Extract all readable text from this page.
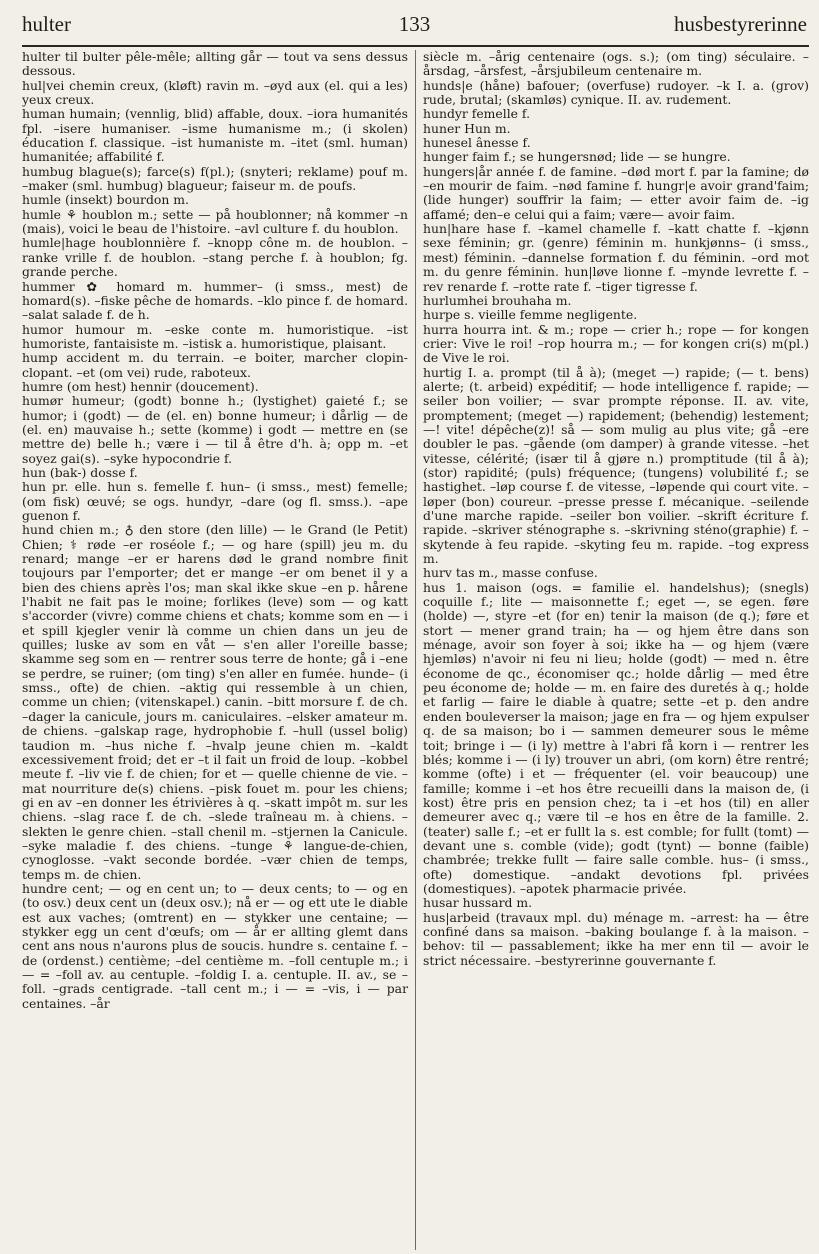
hulter	133	husbestyrerinne

hulter til bulter pêle-mêle; allting går — tout va sens dessus dessous.

hul|vei chemin creux, (kløft) ravin m. –øyd aux (el. qui a les) yeux creux.

human humain; (vennlig, blid) affable, doux. –iora humanités fpl. –isere humaniser. –isme humanisme m.; (i skolen) éducation f. classique. –ist humaniste m. –itet (sml. human) humanitée; affabilité f.

humbug blague(s); farce(s) f(pl.); (snyteri; reklame) pouf m. –maker (sml. humbug) blagueur; faiseur m. de poufs.

humle (insekt) bourdon m.

humle ⚘ houblon m.; sette — på houblonner; nå kommer –n (mais), voici le beau de l'histoire. –avl culture f. du houblon.

humle|hage houblonnière f. –knopp cône m. de houblon. –ranke vrille f. de houblon. –stang perche f. à houblon; fg. grande perche.

hummer ✿ homard m. hummer– (i smss., mest) de homard(s). –fiske pêche de homards. –klo pince f. de homard. –salat salade f. de h.

humor humour m. –eske conte m. humoristique. –ist humoriste, fantaisiste m. –istisk a. humoristique, plaisant.

hump accident m. du terrain. –e boiter, marcher clopin-clopant. –et (om vei) rude, raboteux.

humre (om hest) hennir (doucement).

humør humeur; (godt) bonne h.; (lystighet) gaieté f.; se humor; i (godt) — de (el. en) bonne humeur; i dårlig — de (el. en) mauvaise h.; sette (komme) i godt — mettre en (se mettre de) belle h.; være i — til å être d'h. à; opp m. –et soyez gai(s). –syke hypocondrie f.

hun (bak-) dosse f.

hun pr. elle. hun s. femelle f. hun– (i smss., mest) femelle; (om fisk) œuvé; se ogs. hundyr, –dare (og fl. smss.). –ape guenon f.

hund chien m.; ♁ den store (den lille) — le Grand (le Petit) Chien; ⚕ røde –er roséole f.; — og hare (spill) jeu m. du renard; mange –er er harens død le grand nombre finit toujours par l'emporter; det er mange –er om benet il y a bien des chiens après l'os; man skal ikke skue –en p. hårene l'habit ne fait pas le moine; forlikes (leve) som — og katt s'accorder (vivre) comme chiens et chats; komme som en — i et spill kjegler venir là comme un chien dans un jeu de quilles; luske av som en våt — s'en aller l'oreille basse; skamme seg som en — rentrer sous terre de honte; gå i –ene se perdre, se ruiner; (om ting) s'en aller en fumée. hunde– (i smss., ofte) de chien. –aktig qui ressemble à un chien, comme un chien; (vitenskapel.) canin. –bitt morsure f. de ch. –dager la canicule, jours m. caniculaires. –elsker amateur m. de chiens. –galskap rage, hydrophobie f. –hull (ussel bolig) taudion m. –hus niche f. –hvalp jeune chien m. –kaldt excessivement froid; det er –t il fait un froid de loup. –kobbel meute f. –liv vie f. de chien; for et — quelle chienne de vie. –mat nourriture de(s) chiens. –pisk fouet m. pour les chiens; gi en av –en donner les étrivières à q. –skatt impôt m. sur les chiens. –slag race f. de ch. –slede traîneau m. à chiens. –slekten le genre chien. –stall chenil m. –stjernen la Canicule. –syke maladie f. des chiens. –tunge ⚘ langue-de-chien, cynoglosse. –vakt seconde bordée. –vær chien de temps, temps m. de chien.

hundre cent; — og en cent un; to — deux cents; to — og en (to osv.) deux cent un (deux osv.); nå er — og ett ute le diable est aux vaches; (omtrent) en — stykker une centaine; — stykker egg un cent d'œufs; om — år er allting glemt dans cent ans nous n'aurons plus de soucis. hundre s. centaine f. –de (ordenst.) centième; –del centième m. –foll centuple m.; i — = –foll av. au centuple. –foldig I. a. centuple. II. av., se –foll. –grads centigrade. –tall cent m.; i — = –vis, i — par centaines. –år

siècle m. –årig centenaire (ogs. s.); (om ting) séculaire. –årsdag, –årsfest, –årsjubileum centenaire m.

hunds|e (håne) bafouer; (overfuse) rudoyer. –k I. a. (grov) rude, brutal; (skamløs) cynique. II. av. rudement.

hundyr femelle f.

huner Hun m.

hunesel ânesse f.

hunger faim f.; se hungersnød; lide — se hungre.

hungers|år année f. de famine. –død mort f. par la famine; dø –en mourir de faim. –nød famine f. hungr|e avoir grand'faim; (lide hunger) souffrir la faim; — etter avoir faim de. –ig affamé; den–e celui qui a faim; være— avoir faim.

hun|hare hase f. –kamel chamelle f. –katt chatte f. –kjønn sexe féminin; gr. (genre) féminin m. hunkjønns– (i smss., mest) féminin. –dannelse formation f. du féminin. –ord mot m. du genre féminin. hun|løve lionne f. –mynde levrette f. –rev renarde f. –rotte rate f. –tiger tigresse f.

hurlumhei brouhaha m.

hurpe s. vieille femme negligente.

hurra hourra int. & m.; rope — crier h.; rope — for kongen crier: Vive le roi! –rop hourra m.; — for kongen cri(s) m(pl.) de Vive le roi.

hurtig I. a. prompt (til å à); (meget —) rapide; (— t. bens) alerte; (t. arbeid) expéditif; — hode intelligence f. rapide; — seiler bon voilier; — svar prompte réponse. II. av. vite, promptement; (meget —) rapidement; (behendig) lestement; —! vite! dépêche(z)! så — som mulig au plus vite; gå –ere doubler le pas. –gående (om damper) à grande vitesse. –het vitesse, célérité; (især til å gjøre n.) promptitude (til å à); (stor) rapidité; (puls) fréquence; (tungens) volubilité f.; se hastighet. –løp course f. de vitesse, –løpende qui court vite. –løper (bon) coureur. –presse presse f. mécanique. –seilende d'une marche rapide. –seiler bon voilier. –skrift écriture f. rapide. –skriver sténographe s. –skrivning sténo(graphie) f. –skytende à feu rapide. –skyting feu m. rapide. –tog express m.

hurv tas m., masse confuse.

hus 1. maison (ogs. = familie el. handelshus); (snegls) coquille f.; lite — maisonnette f.; eget —, se egen. føre (holde) —, styre –et (for en) tenir la maison (de q.); føre et stort — mener grand train; ha — og hjem être dans son ménage, avoir son foyer à soi; ikke ha — og hjem (være hjemløs) n'avoir ni feu ni lieu; holde (godt) — med n. être économe de qc., économiser qc.; holde dårlig — med être peu économe de; holde — m. en faire des duretés à q.; holde et farlig — faire le diable à quatre; sette –et p. den andre enden bouleverser la maison; jage en fra — og hjem expulser q. de sa maison; bo i — sammen demeurer sous le même toit; bringe i — (i ly) mettre à l'abri få korn i — rentrer les blés; komme i — (i ly) trouver un abri, (om korn) être rentré; komme (ofte) i et — fréquenter (el. voir beaucoup) une famille; komme i –et hos être recueilli dans la maison de, (i kost) être pris en pension chez; ta i –et hos (til) en aller demeurer avec q.; være til –e hos en être de la famille. 2. (teater) salle f.; –et er fullt la s. est comble; for fullt (tomt) — devant une s. comble (vide); godt (tynt) — bonne (faible) chambrée; trekke fullt — faire salle comble. hus– (i smss., ofte) domestique. –andakt devotions fpl. privées (domestiques). –apotek pharmacie privée.

husar hussard m.

hus|arbeid (travaux mpl. du) ménage m. –arrest: ha — être confiné dans sa maison. –baking boulange f. à la maison. –behov: til — passablement; ikke ha mer enn til — avoir le strict nécessaire. –bestyrerinne gouvernante f.
